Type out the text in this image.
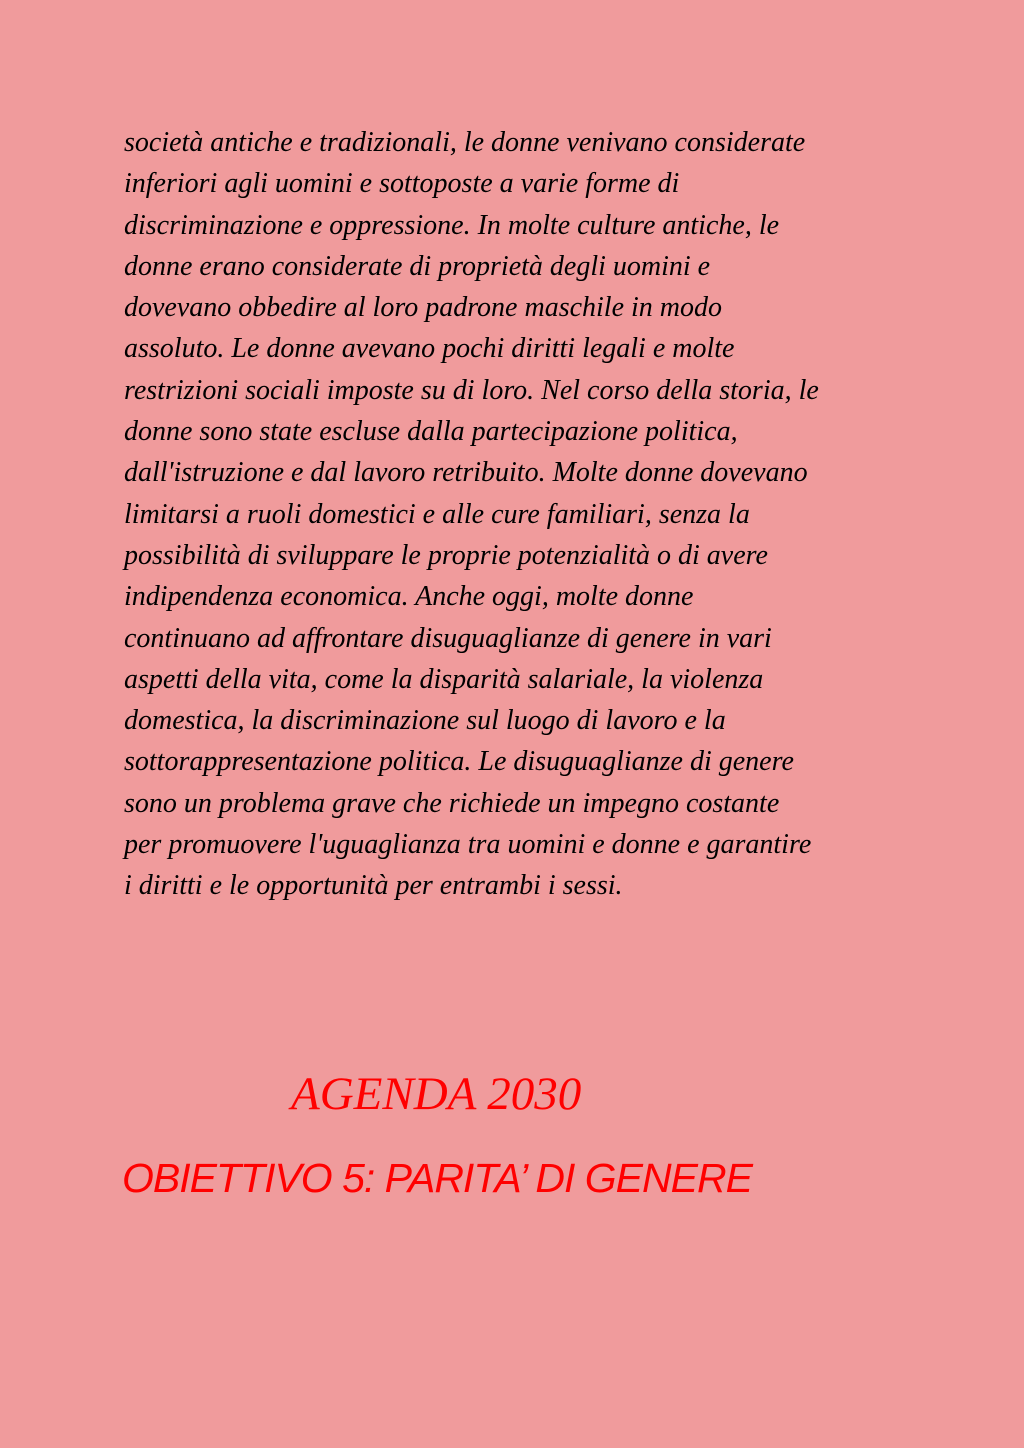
società antiche e tradizionali, le donne venivano considerate
inferiori agli uomini e sottoposte a varie forme di
discriminazione e oppressione. In molte culture antiche, le
donne erano considerate di proprietà degli uomini e
dovevano obbedire al loro padrone maschile in modo
assoluto. Le donne avevano pochi diritti legali e molte
restrizioni sociali imposte su di loro. Nel corso della storia, le
donne sono state escluse dalla partecipazione politica,
dall'istruzione e dal lavoro retribuito. Molte donne dovevano
limitarsi a ruoli domestici e alle cure familiari, senza la
possibilità di sviluppare le proprie potenzialità o di avere
indipendenza economica. Anche oggi, molte donne
continuano ad affrontare disuguaglianze di genere in vari
aspetti della vita, come la disparità salariale, la violenza
domestica, la discriminazione sul luogo di lavoro e la
sottorappresentazione politica. Le disuguaglianze di genere
sono un problema grave che richiede un impegno costante
per promuovere l'uguaglianza tra uomini e donne e garantire
i diritti e le opportunità per entrambi i sessi.

AGENDA 2030
OBIETTIVO 5: PARITA’ DI GENERE
